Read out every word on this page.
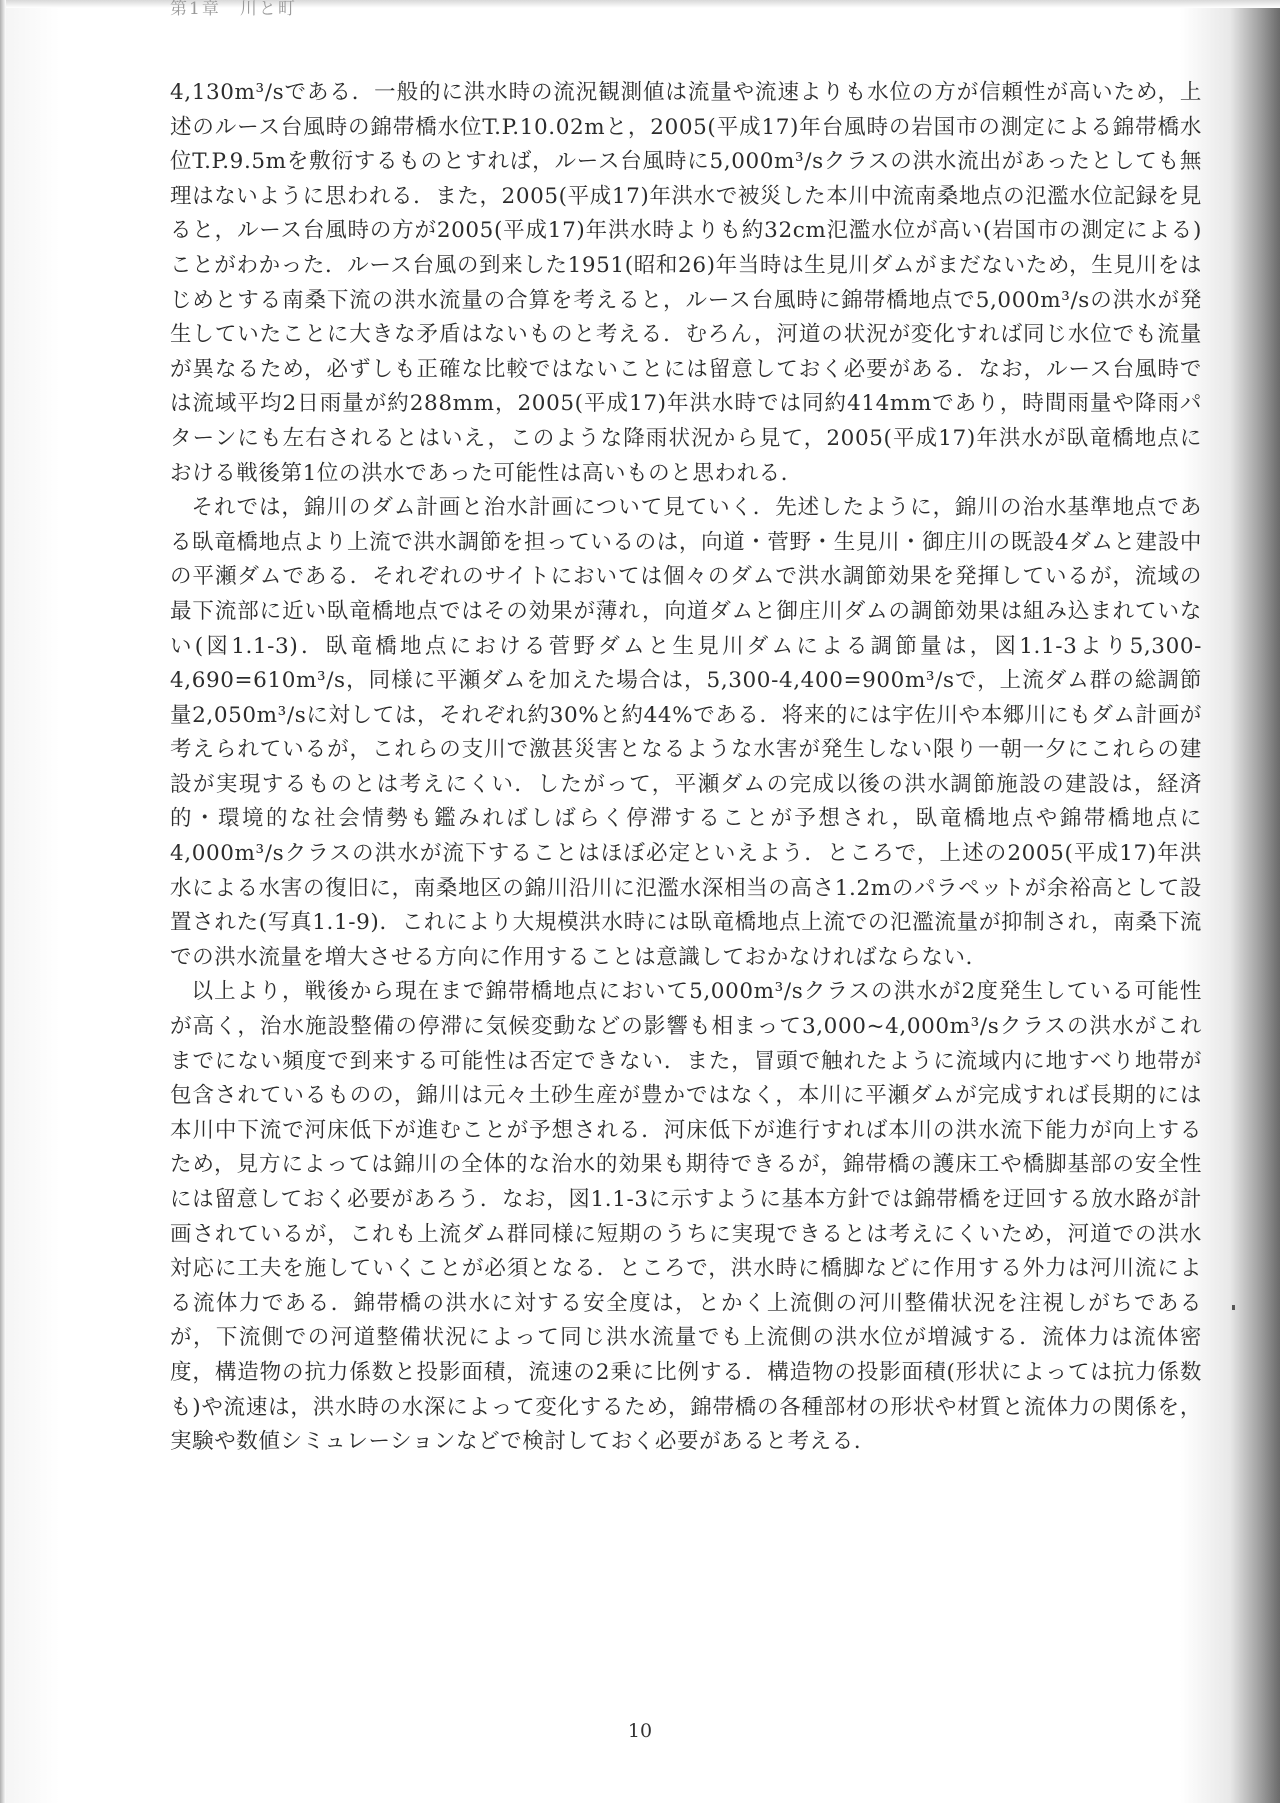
第1章　川と町

4,130m³/sである．一般的に洪水時の流況観測値は流量や流速よりも水位の方が信頼性が高いため，上述のルース台風時の錦帯橋水位T.P.10.02mと，2005(平成17)年台風時の岩国市の測定による錦帯橋水位T.P.9.5mを敷衍するものとすれば，ルース台風時に5,000m³/sクラスの洪水流出があったとしても無理はないように思われる．また，2005(平成17)年洪水で被災した本川中流南桑地点の氾濫水位記録を見ると，ルース台風時の方が2005(平成17)年洪水時よりも約32cm氾濫水位が高い(岩国市の測定による)ことがわかった．ルース台風の到来した1951(昭和26)年当時は生見川ダムがまだないため，生見川をはじめとする南桑下流の洪水流量の合算を考えると，ルース台風時に錦帯橋地点で5,000m³/sの洪水が発生していたことに大きな矛盾はないものと考える．むろん，河道の状況が変化すれば同じ水位でも流量が異なるため，必ずしも正確な比較ではないことには留意しておく必要がある．なお，ルース台風時では流域平均2日雨量が約288mm，2005(平成17)年洪水時では同約414mmであり，時間雨量や降雨パターンにも左右されるとはいえ，このような降雨状況から見て，2005(平成17)年洪水が臥竜橋地点における戦後第1位の洪水であった可能性は高いものと思われる．

それでは，錦川のダム計画と治水計画について見ていく．先述したように，錦川の治水基準地点である臥竜橋地点より上流で洪水調節を担っているのは，向道・菅野・生見川・御庄川の既設4ダムと建設中の平瀬ダムである．それぞれのサイトにおいては個々のダムで洪水調節効果を発揮しているが，流域の最下流部に近い臥竜橋地点ではその効果が薄れ，向道ダムと御庄川ダムの調節効果は組み込まれていない(図1.1-3)．臥竜橋地点における菅野ダムと生見川ダムによる調節量は，図1.1-3より5,300-4,690=610m³/s，同様に平瀬ダムを加えた場合は，5,300-4,400=900m³/sで，上流ダム群の総調節量2,050m³/sに対しては，それぞれ約30%と約44%である．将来的には宇佐川や本郷川にもダム計画が考えられているが，これらの支川で激甚災害となるような水害が発生しない限り一朝一夕にこれらの建設が実現するものとは考えにくい．したがって，平瀬ダムの完成以後の洪水調節施設の建設は，経済的・環境的な社会情勢も鑑みればしばらく停滞することが予想され，臥竜橋地点や錦帯橋地点に4,000m³/sクラスの洪水が流下することはほぼ必定といえよう．ところで，上述の2005(平成17)年洪水による水害の復旧に，南桑地区の錦川沿川に氾濫水深相当の高さ1.2mのパラペットが余裕高として設置された(写真1.1-9)．これにより大規模洪水時には臥竜橋地点上流での氾濫流量が抑制され，南桑下流での洪水流量を増大させる方向に作用することは意識しておかなければならない．

以上より，戦後から現在まで錦帯橋地点において5,000m³/sクラスの洪水が2度発生している可能性が高く，治水施設整備の停滞に気候変動などの影響も相まって3,000~4,000m³/sクラスの洪水がこれまでにない頻度で到来する可能性は否定できない．また，冒頭で触れたように流域内に地すべり地帯が包含されているものの，錦川は元々土砂生産が豊かではなく，本川に平瀬ダムが完成すれば長期的には本川中下流で河床低下が進むことが予想される．河床低下が進行すれば本川の洪水流下能力が向上するため，見方によっては錦川の全体的な治水的効果も期待できるが，錦帯橋の護床工や橋脚基部の安全性には留意しておく必要があろう．なお，図1.1-3に示すように基本方針では錦帯橋を迂回する放水路が計画されているが，これも上流ダム群同様に短期のうちに実現できるとは考えにくいため，河道での洪水対応に工夫を施していくことが必須となる．ところで，洪水時に橋脚などに作用する外力は河川流による流体力である．錦帯橋の洪水に対する安全度は，とかく上流側の河川整備状況を注視しがちであるが，下流側での河道整備状況によって同じ洪水流量でも上流側の洪水位が増減する．流体力は流体密度，構造物の抗力係数と投影面積，流速の2乗に比例する．構造物の投影面積(形状によっては抗力係数も)や流速は，洪水時の水深によって変化するため，錦帯橋の各種部材の形状や材質と流体力の関係を，実験や数値シミュレーションなどで検討しておく必要があると考える．

10
